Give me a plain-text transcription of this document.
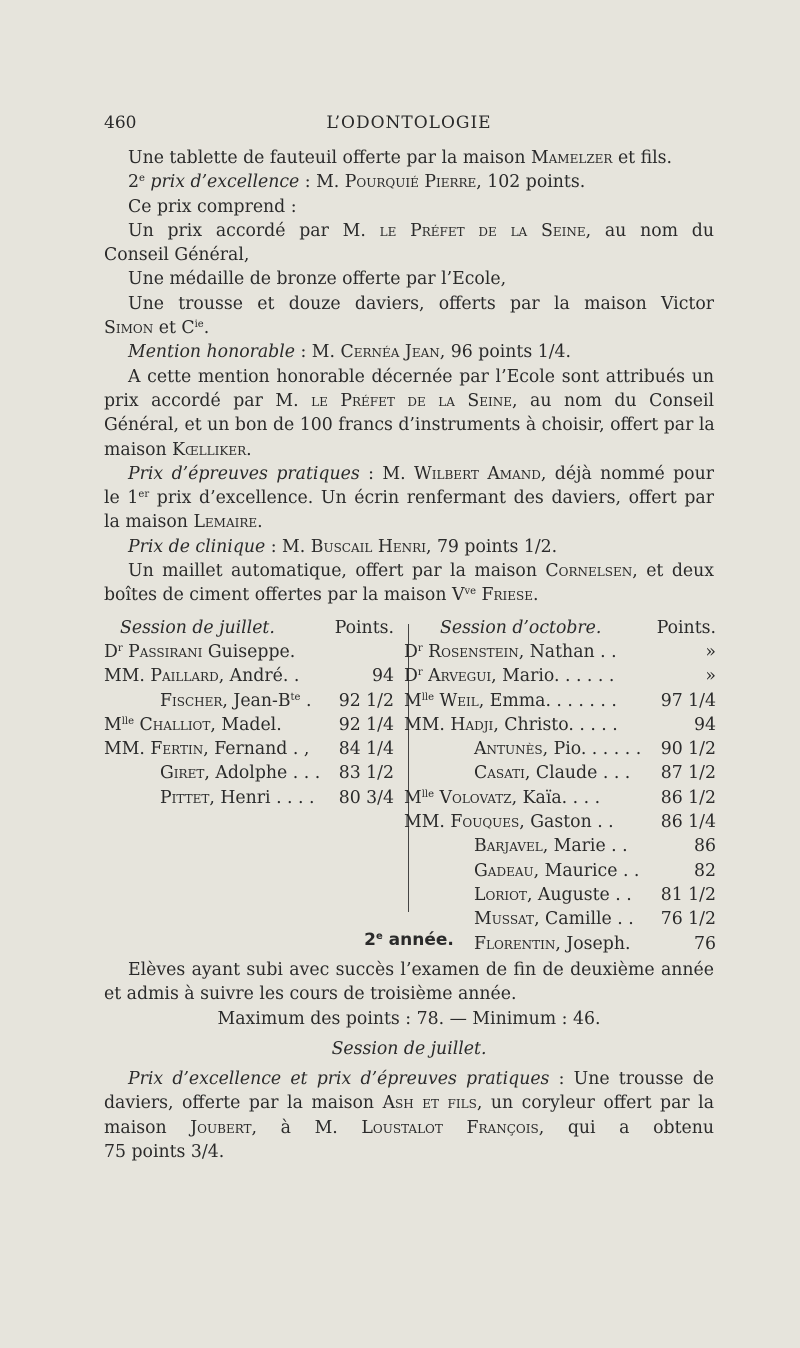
460	L’ODONTOLOGIE
Une tablette de fauteuil offerte par la maison Mamelzer et fils.
2e prix d’excellence : M. Pourquié Pierre, 102 points.
Ce prix comprend :
Un prix accordé par M. le Préfet de la Seine, au nom du
Conseil Général,
Une médaille de bronze offerte par l’Ecole,
Une trousse et douze daviers, offerts par la maison Victor
Simon et $C^{ie}$.
Mention honorable : M. Cernéa Jean, 96 points 1/4.
A cette mention honorable décernée par l’Ecole sont attribués un
prix accordé par M. le Préfet de la Seine, au nom du Conseil
Général, et un bon de 100 francs d’instruments à choisir, offert par la
maison Kœlliker.
Prix d’épreuves pratiques : M. Wilbert Amand, déjà nommé pour
le 1er prix d’excellence. Un écrin renfermant des daviers, offert par
la maison Lemaire.
Prix de clinique : M. Buscail Henri, 79 points 1/2.
Un maillet automatique, offert par la maison Cornelsen, et deux
boîtes de ciment offertes par la maison $V^{ve}$ Friese.
Session de juillet.	Points.
$D^r$ Passirani Guiseppe.
MM. Paillard, André. .	94
Fischer, Jean-$B^{te}$ . 92 1/2
$M^{lle}$ Challiot, Madel.	92 1/4
MM. Fertin, Fernand . , 84 1/4
Giret, Adolphe . . . 83 1/2
Pittet, Henri . . . . 80 3/4
Session d’octobre.	Points.
$D^r$ Rosenstein, Nathan . .	»
$D^r$ Arvegui, Mario. . . . . .	»
$M^{lle}$ Weil, Emma. . . . . . .	97 1/4
MM. Hadji, Christo. . . . .	94
Antunès, Pio. . . . . . 90 1/2
Casati, Claude . . . 87 1/2
$M^{lle}$ Volovatz, Kaïa. . . .	86 1/2
MM. Fouques, Gaston . .	86 1/4
Barjavel, Marie . .	86
Gadeau, Maurice . .	82
Loriot, Auguste . . 81 1/2
Mussat, Camille . . 76 1/2
Florentin, Joseph.	76
2e année.
Elèves ayant subi avec succès l’examen de fin de deuxième année
et admis à suivre les cours de troisième année.
Maximum des points : 78. — Minimum : 46.
Session de juillet.
Prix d’excellence et prix d’épreuves pratiques : Une trousse de
daviers, offerte par la maison Ash et fils, un coryleur offert par la
maison Joubert, à M. Loustalot François, qui a obtenu
75 points 3/4.
